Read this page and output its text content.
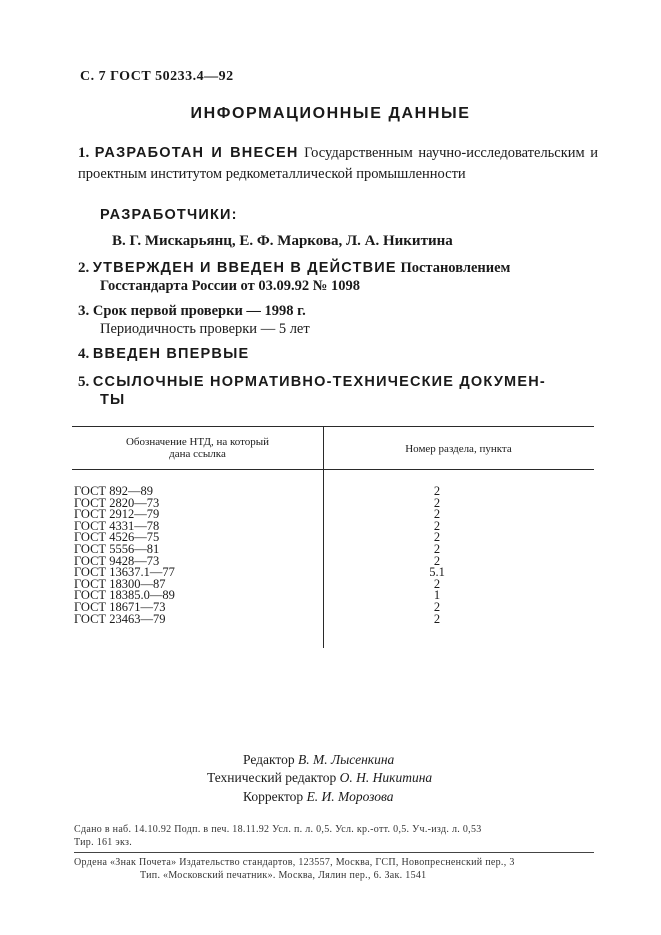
С. 7 ГОСТ 50233.4—92
ИНФОРМАЦИОННЫЕ ДАННЫЕ
1. РАЗРАБОТАН И ВНЕСЕН Государственным научно-исследовательским и проектным институтом редкометаллической промышленности
РАЗРАБОТЧИКИ:
В. Г. Мискарьянц, Е. Ф. Маркова, Л. А. Никитина
2. УТВЕРЖДЕН И ВВЕДЕН В ДЕЙСТВИЕ Постановлением
Госстандарта России от 03.09.92 № 1098
3. Срок первой проверки — 1998 г.
Периодичность проверки — 5 лет
4. ВВЕДЕН ВПЕРВЫЕ
5. ССЫЛОЧНЫЕ НОРМАТИВНО-ТЕХНИЧЕСКИЕ ДОКУМЕН-
ТЫ
Обозначение НТД, на который
дана ссылка	Номер раздела, пункта
ГОСТ 892—89	2
ГОСТ 2820—73	2
ГОСТ 2912—79	2
ГОСТ 4331—78	2
ГОСТ 4526—75	2
ГОСТ 5556—81	2
ГОСТ 9428—73	2
ГОСТ 13637.1—77	5.1
ГОСТ 18300—87	2
ГОСТ 18385.0—89	1
ГОСТ 18671—73	2
ГОСТ 23463—79	2
Редактор В. М. Лысенкина
Технический редактор О. Н. Никитина
Корректор Е. И. Морозова
Сдано в наб. 14.10.92 Подп. в печ. 18.11.92 Усл. п. л. 0,5. Усл. кр.-отт. 0,5. Уч.-изд. л. 0,53
Тир. 161 экз.
Ордена «Знак Почета» Издательство стандартов, 123557, Москва, ГСП, Новопресненский пер., 3
Тип. «Московский печатник». Москва, Лялин пер., 6. Зак. 1541
